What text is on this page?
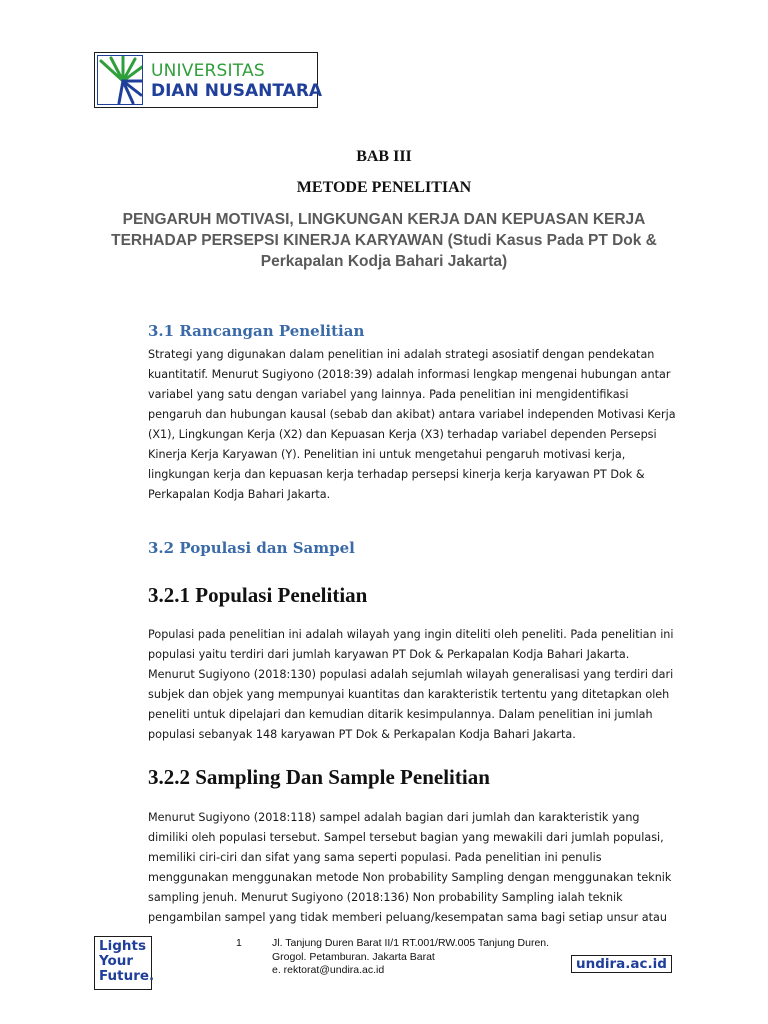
UNIVERSITAS
DIAN NUSANTARA
BAB III
METODE PENELITIAN
PENGARUH MOTIVASI, LINGKUNGAN KERJA DAN KEPUASAN KERJA
TERHADAP PERSEPSI KINERJA KARYAWAN (Studi Kasus Pada PT Dok &
Perkapalan Kodja Bahari Jakarta)
3.1 Rancangan Penelitian
Strategi yang digunakan dalam penelitian ini adalah strategi asosiatif dengan pendekatan
kuantitatif. Menurut Sugiyono (2018:39) adalah informasi lengkap mengenai hubungan antar
variabel yang satu dengan variabel yang lainnya. Pada penelitian ini mengidentifikasi
pengaruh dan hubungan kausal (sebab dan akibat) antara variabel independen Motivasi Kerja
(X1), Lingkungan Kerja (X2) dan Kepuasan Kerja (X3) terhadap variabel dependen Persepsi
Kinerja Kerja Karyawan (Y). Penelitian ini untuk mengetahui pengaruh motivasi kerja,
lingkungan kerja dan kepuasan kerja terhadap persepsi kinerja kerja karyawan PT Dok &
Perkapalan Kodja Bahari Jakarta.
3.2 Populasi dan Sampel
3.2.1 Populasi Penelitian
Populasi pada penelitian ini adalah wilayah yang ingin diteliti oleh peneliti. Pada penelitian ini
populasi yaitu terdiri dari jumlah karyawan PT Dok & Perkapalan Kodja Bahari Jakarta.
Menurut Sugiyono (2018:130) populasi adalah sejumlah wilayah generalisasi yang terdiri dari
subjek dan objek yang mempunyai kuantitas dan karakteristik tertentu yang ditetapkan oleh
peneliti untuk dipelajari dan kemudian ditarik kesimpulannya. Dalam penelitian ini jumlah
populasi sebanyak 148 karyawan PT Dok & Perkapalan Kodja Bahari Jakarta.
3.2.2 Sampling Dan Sample Penelitian
Menurut Sugiyono (2018:118) sampel adalah bagian dari jumlah dan karakteristik yang
dimiliki oleh populasi tersebut. Sampel tersebut bagian yang mewakili dari jumlah populasi,
memiliki ciri-ciri dan sifat yang sama seperti populasi. Pada penelitian ini penulis
menggunakan menggunakan metode Non probability Sampling dengan menggunakan teknik
sampling jenuh. Menurut Sugiyono (2018:136) Non probability Sampling ialah teknik
pengambilan sampel yang tidak memberi peluang/kesempatan sama bagi setiap unsur atau
Lights
Your
Future.
1	Jl. Tanjung Duren Barat II/1 RT.001/RW.005 Tanjung Duren.
Grogol. Petamburan. Jakarta Barat
e. rektorat@undira.ac.id	undira.ac.id
